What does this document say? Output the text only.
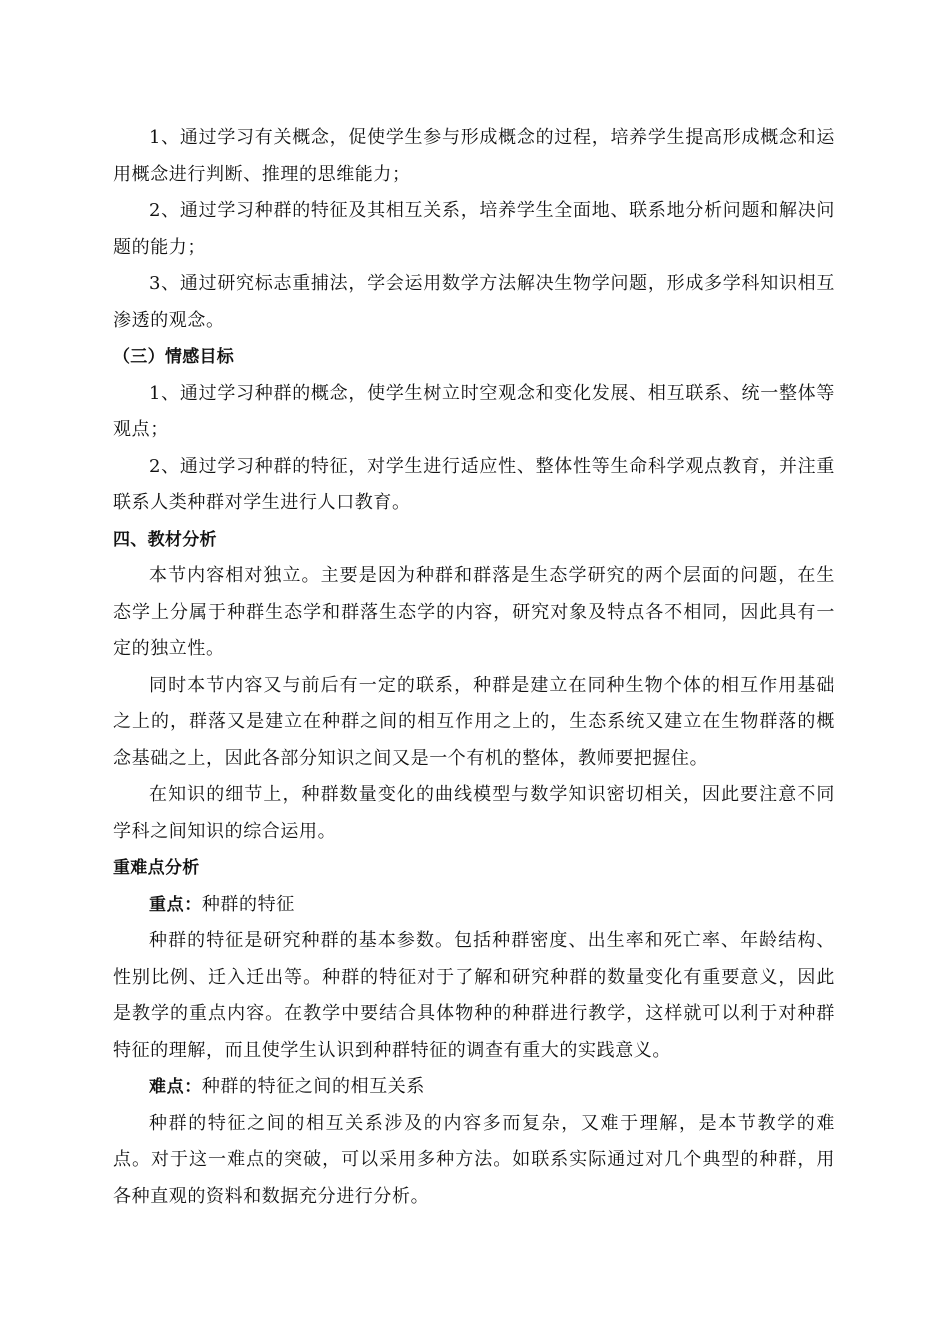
1、通过学习有关概念，促使学生参与形成概念的过程，培养学生提高形成概念和运用概念进行判断、推理的思维能力；

2、通过学习种群的特征及其相互关系，培养学生全面地、联系地分析问题和解决问题的能力；

3、通过研究标志重捕法，学会运用数学方法解决生物学问题，形成多学科知识相互渗透的观念。

（三）情感目标

1、通过学习种群的概念，使学生树立时空观念和变化发展、相互联系、统一整体等观点；

2、通过学习种群的特征，对学生进行适应性、整体性等生命科学观点教育，并注重联系人类种群对学生进行人口教育。

四、教材分析

本节内容相对独立。主要是因为种群和群落是生态学研究的两个层面的问题，在生态学上分属于种群生态学和群落生态学的内容，研究对象及特点各不相同，因此具有一定的独立性。

同时本节内容又与前后有一定的联系，种群是建立在同种生物个体的相互作用基础之上的，群落又是建立在种群之间的相互作用之上的，生态系统又建立在生物群落的概念基础之上，因此各部分知识之间又是一个有机的整体，教师要把握住。

在知识的细节上，种群数量变化的曲线模型与数学知识密切相关，因此要注意不同学科之间知识的综合运用。

重难点分析

重点：种群的特征

种群的特征是研究种群的基本参数。包括种群密度、出生率和死亡率、年龄结构、性别比例、迁入迁出等。种群的特征对于了解和研究种群的数量变化有重要意义，因此是教学的重点内容。在教学中要结合具体物种的种群进行教学，这样就可以利于对种群特征的理解，而且使学生认识到种群特征的调查有重大的实践意义。

难点：种群的特征之间的相互关系

种群的特征之间的相互关系涉及的内容多而复杂，又难于理解，是本节教学的难点。对于这一难点的突破，可以采用多种方法。如联系实际通过对几个典型的种群，用各种直观的资料和数据充分进行分析。
